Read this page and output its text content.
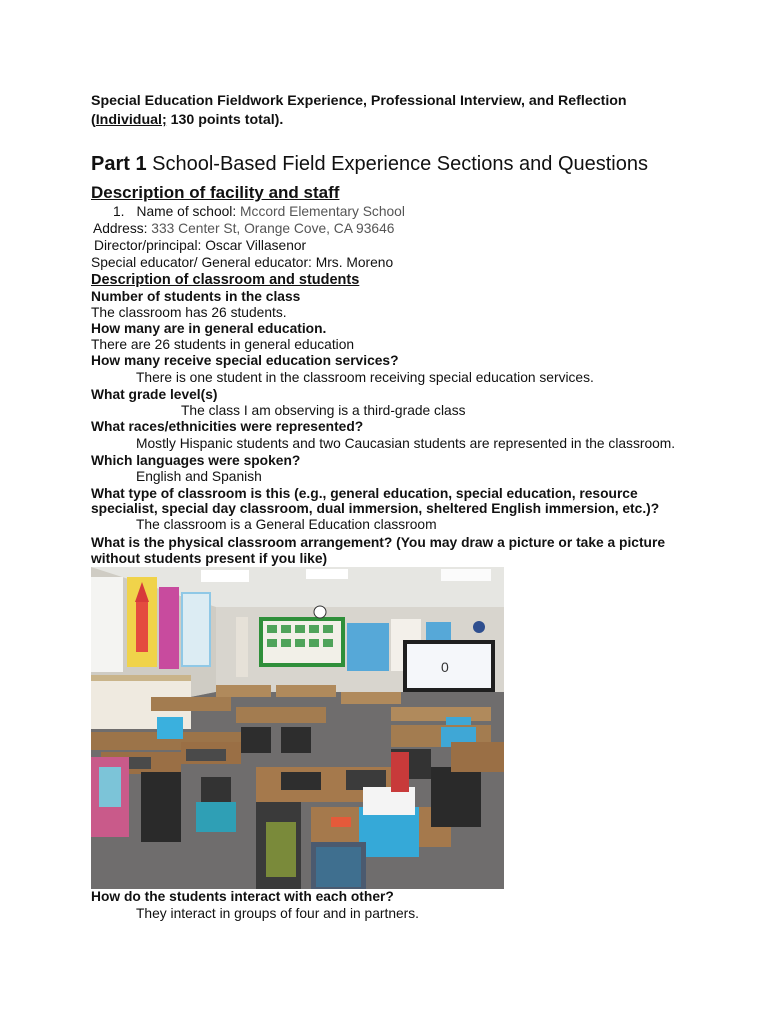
Special Education Fieldwork Experience, Professional Interview, and Reflection
(Individual; 130 points total).
Part 1 School-Based Field Experience Sections and Questions
Description of facility and staff
1. Name of school: Mccord Elementary School
Address: 333 Center St, Orange Cove, CA 93646
Director/principal: Oscar Villasenor
Special educator/ General educator: Mrs. Moreno
Description of classroom and students
Number of students in the class
The classroom has 26 students.
How many are in general education.
There are 26 students in general education
How many receive special education services?
There is one student in the classroom receiving special education services.
What grade level(s)
The class I am observing is a third-grade class
What races/ethnicities were represented?
Mostly Hispanic students and two Caucasian students are represented in the classroom.
Which languages were spoken?
English and Spanish
What type of classroom is this (e.g., general education, special education, resource
specialist, special day classroom, dual immersion, sheltered English immersion, etc.)?
The classroom is a General Education classroom
What is the physical classroom arrangement? (You may draw a picture or take a picture
without students present if you like)
How do the students interact with each other?
They interact in groups of four and in partners.
0
